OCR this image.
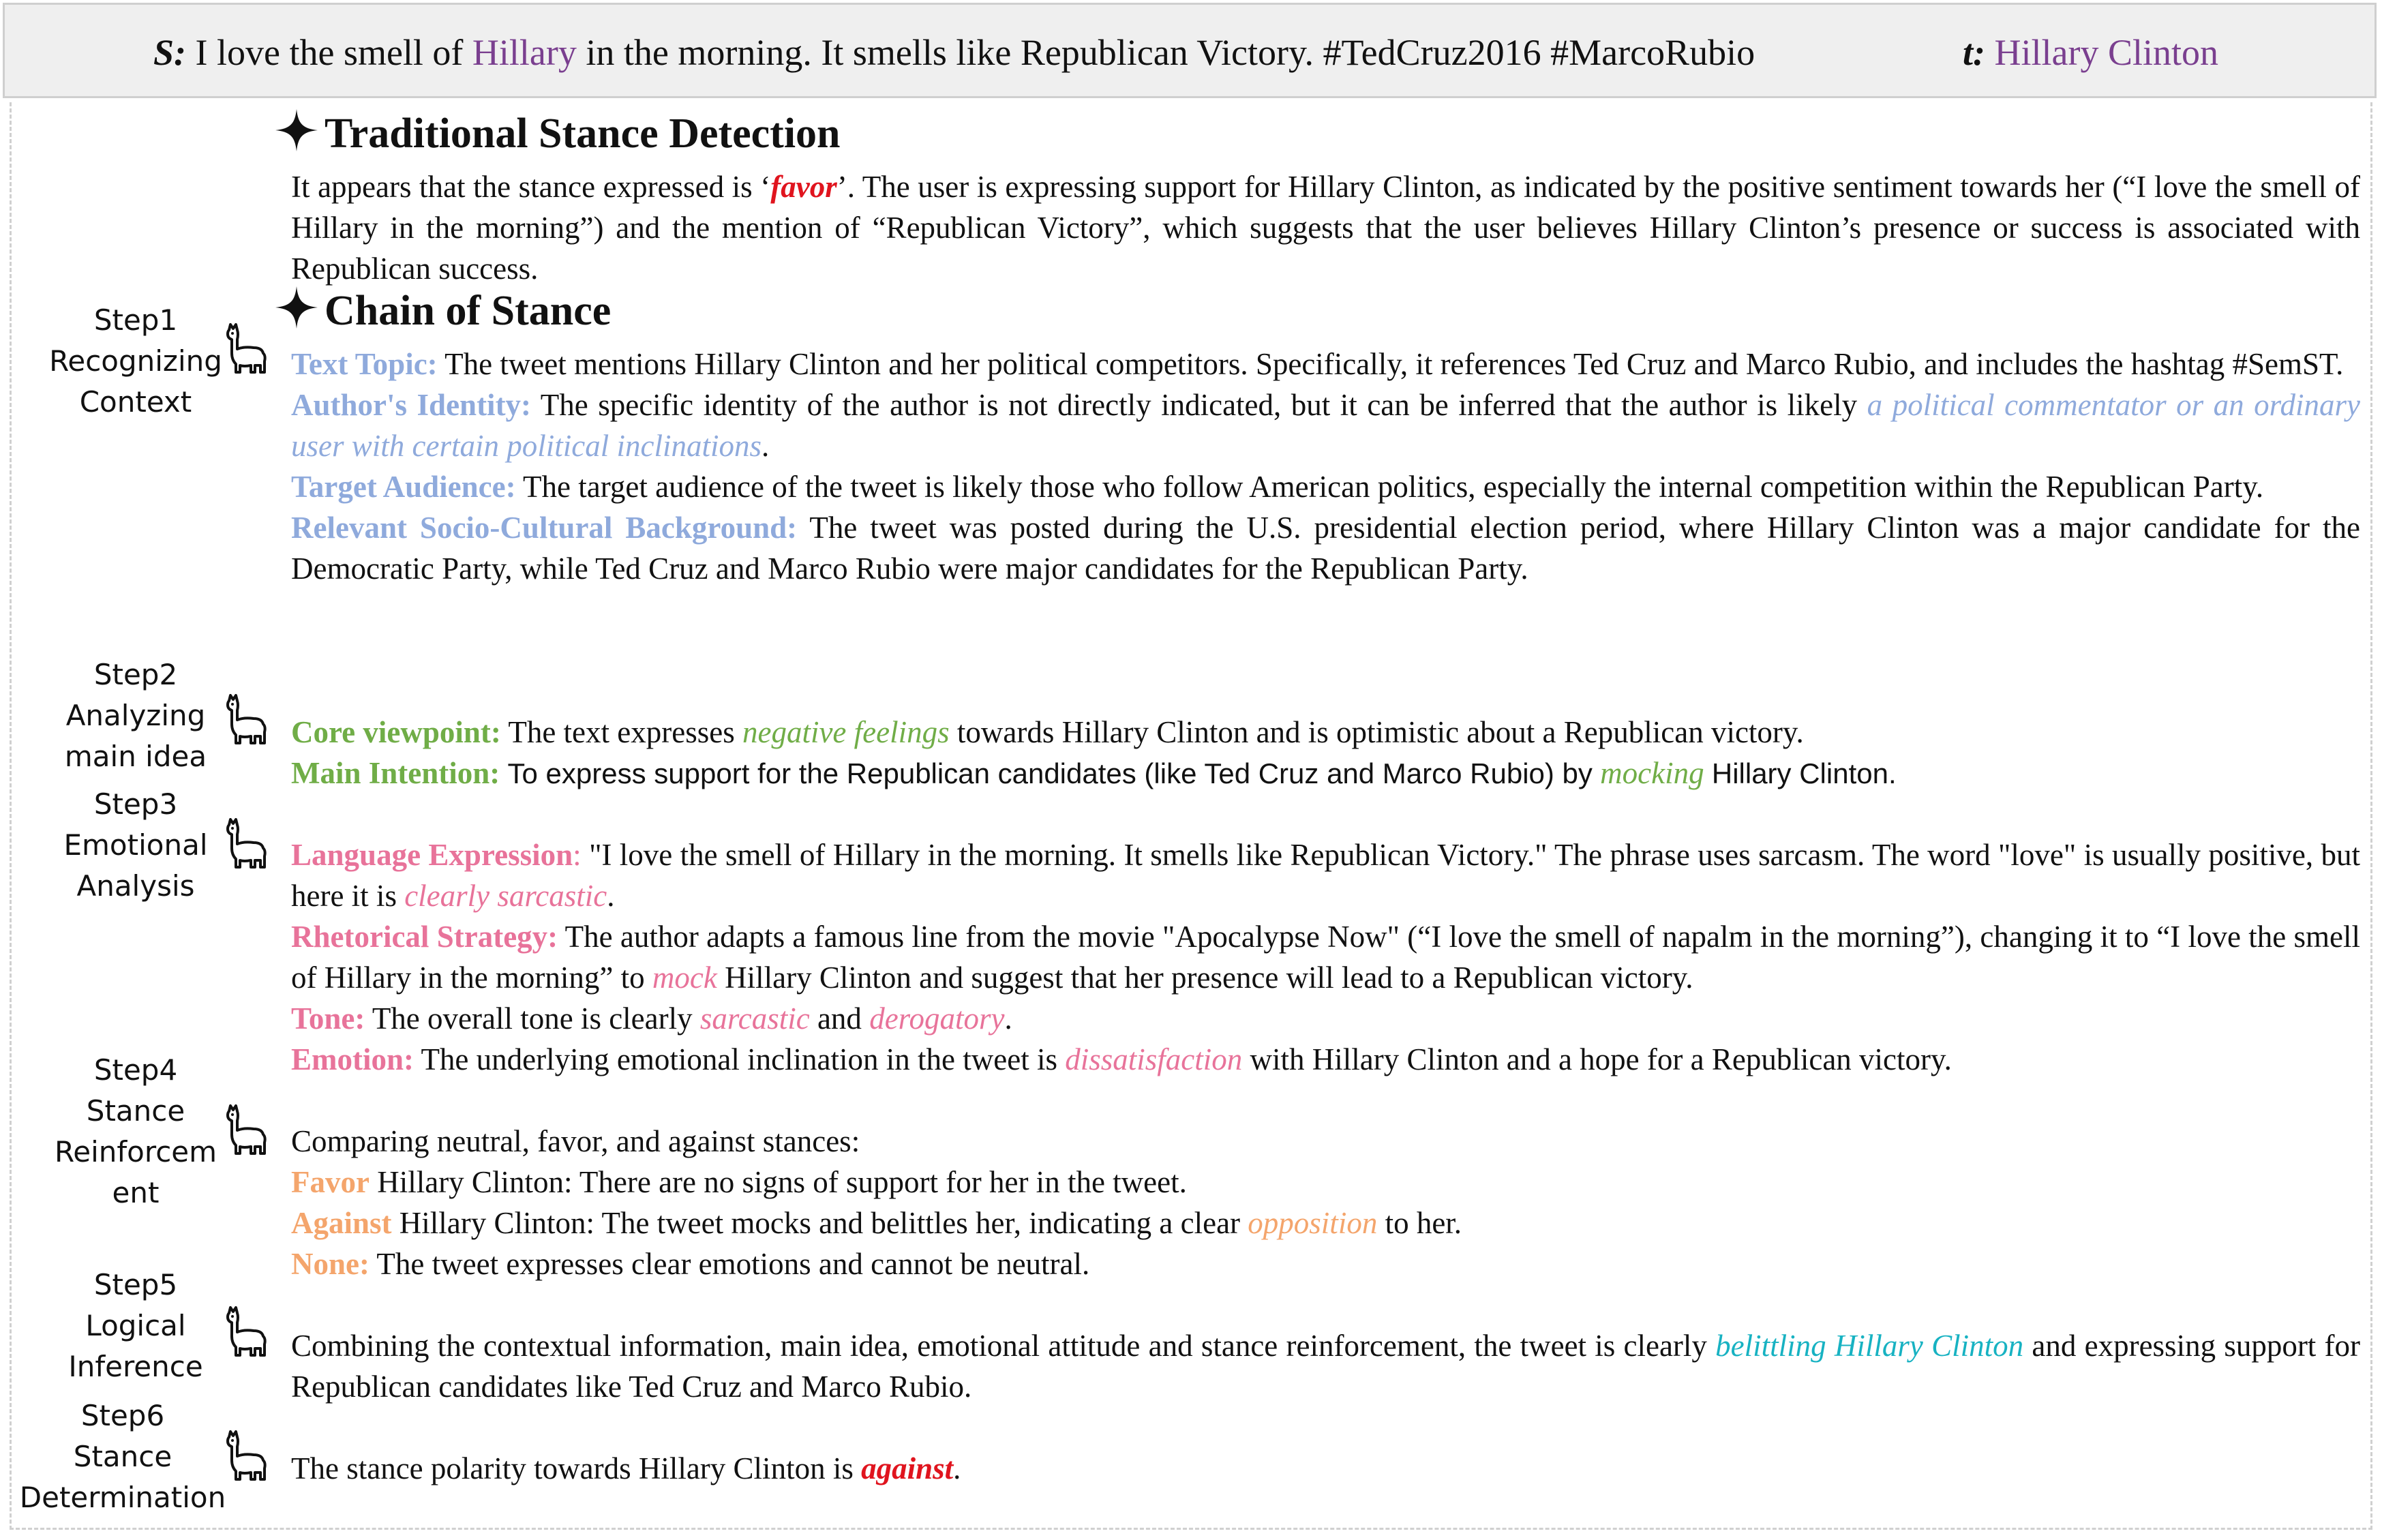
S: I love the smell of Hillary in the morning. It smells like Republican Victory. #TedCruz2016 #MarcoRubio	t: Hillary Clinton
Traditional Stance Detection
It appears that the stance expressed is ‘favor’. The user is expressing support for Hillary Clinton, as indicated by the positive sentiment towards her (“I love the smell of Hillary in the morning”) and the mention of “Republican Victory”, which suggests that the user believes Hillary Clinton’s presence or success is associated with Republican success.
Chain of Stance
Step1
Recognizing
Context
Step2
Analyzing
main idea
Step3
Emotional
Analysis
Step4
Stance
Reinforcem
ent
Step5
Logical
Inference
Step6
Stance
Determination
Text Topic: The tweet mentions Hillary Clinton and her political competitors. Specifically, it references Ted Cruz and Marco Rubio, and includes the hashtag #SemST.
Author's Identity: The specific identity of the author is not directly indicated, but it can be inferred that the author is likely a political commentator or an ordinary user with certain political inclinations.
Target Audience: The target audience of the tweet is likely those who follow American politics, especially the internal competition within the Republican Party.
Relevant Socio-Cultural Background: The tweet was posted during the U.S. presidential election period, where Hillary Clinton was a major candidate for the Democratic Party, while Ted Cruz and Marco Rubio were major candidates for the Republican Party.
Core viewpoint: The text expresses negative feelings towards Hillary Clinton and is optimistic about a Republican victory.
Main Intention: To express support for the Republican candidates (like Ted Cruz and Marco Rubio) by mocking Hillary Clinton.
Language Expression: "I love the smell of Hillary in the morning. It smells like Republican Victory." The phrase uses sarcasm. The word "love" is usually positive, but here it is clearly sarcastic.
Rhetorical Strategy: The author adapts a famous line from the movie "Apocalypse Now" (“I love the smell of napalm in the morning”), changing it to “I love the smell of Hillary in the morning” to mock Hillary Clinton and suggest that her presence will lead to a Republican victory.
Tone: The overall tone is clearly sarcastic and derogatory.
Emotion: The underlying emotional inclination in the tweet is dissatisfaction with Hillary Clinton and a hope for a Republican victory.
Comparing neutral, favor, and against stances:
Favor Hillary Clinton: There are no signs of support for her in the tweet.
Against Hillary Clinton: The tweet mocks and belittles her, indicating a clear opposition to her.
None: The tweet expresses clear emotions and cannot be neutral.
Combining the contextual information, main idea, emotional attitude and stance reinforcement, the tweet is clearly belittling Hillary Clinton and expressing support for Republican candidates like Ted Cruz and Marco Rubio.
The stance polarity towards Hillary Clinton is against.
